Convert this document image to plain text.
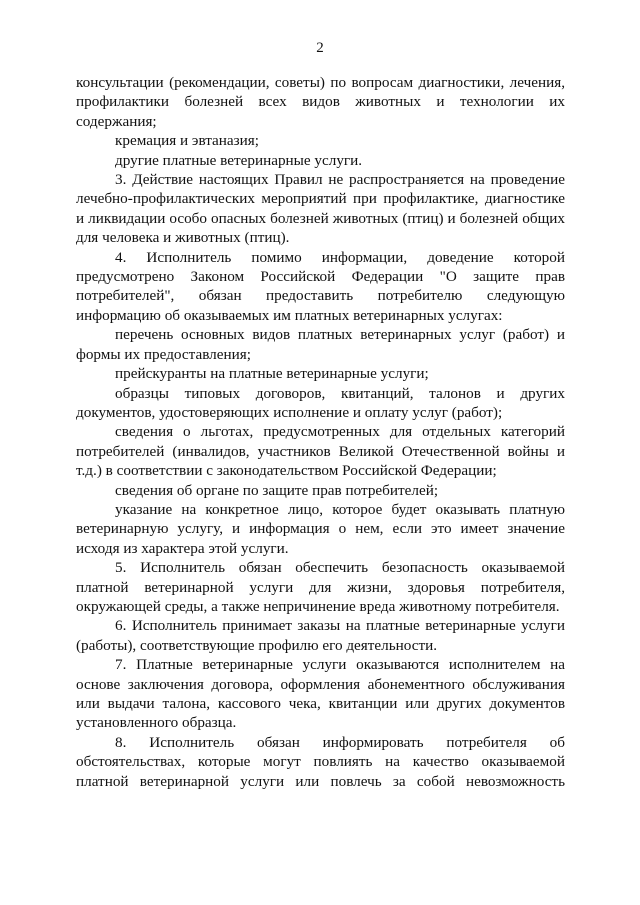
2

консультации (рекомендации, советы) по вопросам диагностики, лечения, профилактики болезней всех видов животных и технологии их содержания;

кремация и эвтаназия;

другие платные ветеринарные услуги.

3. Действие настоящих Правил не распространяется на проведение лечебно-профилактических мероприятий при профилактике, диагностике и ликвидации особо опасных болезней животных (птиц) и болезней общих для человека и животных (птиц).

4. Исполнитель помимо информации, доведение которой предусмотрено Законом Российской Федерации "О защите прав потребителей", обязан предоставить потребителю следующую информацию об оказываемых им платных ветеринарных услугах:

перечень основных видов платных ветеринарных услуг (работ) и формы их предоставления;

прейскуранты на платные ветеринарные услуги;

образцы типовых договоров, квитанций, талонов и других документов, удостоверяющих исполнение и оплату услуг (работ);

сведения о льготах, предусмотренных для отдельных категорий потребителей (инвалидов, участников Великой Отечественной войны и т.д.) в соответствии с законодательством Российской Федерации;

сведения об органе по защите прав потребителей;

указание на конкретное лицо, которое будет оказывать платную ветеринарную услугу, и информация о нем, если это имеет значение исходя из характера этой услуги.

5. Исполнитель обязан обеспечить безопасность оказываемой платной ветеринарной услуги для жизни, здоровья потребителя, окружающей среды, а также непричинение вреда животному потребителя.

6. Исполнитель принимает заказы на платные ветеринарные услуги (работы), соответствующие профилю его деятельности.

7. Платные ветеринарные услуги оказываются исполнителем на основе заключения договора, оформления абонементного обслуживания или выдачи талона, кассового чека, квитанции или других документов установленного образца.

8. Исполнитель обязан информировать потребителя об обстоятельствах, которые могут повлиять на качество оказываемой платной ветеринарной услуги или повлечь за собой невозможность
